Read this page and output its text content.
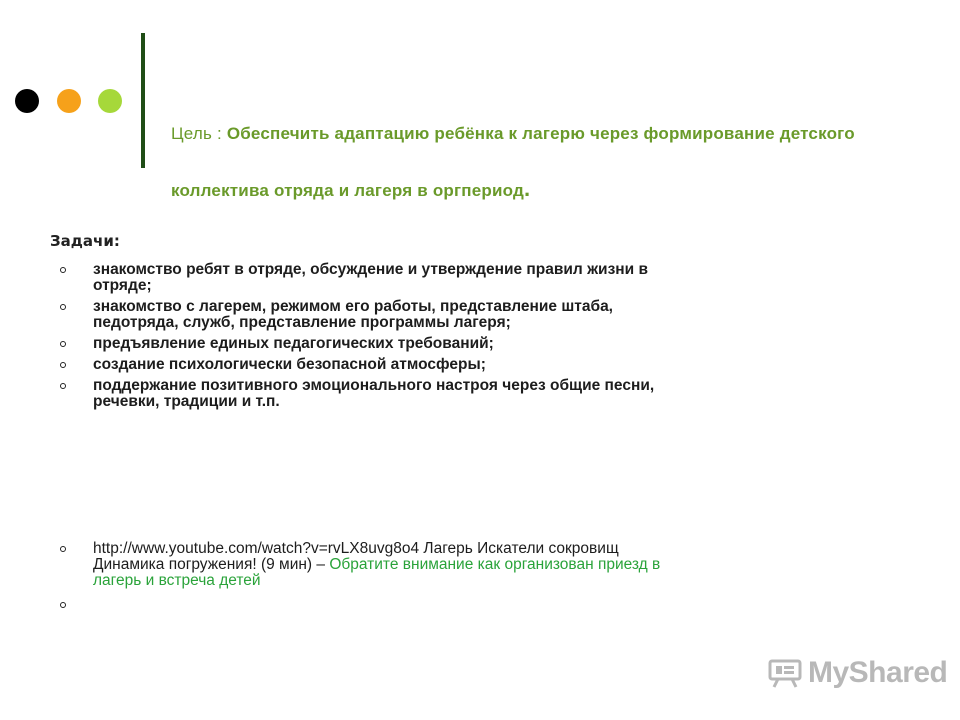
Цель : Обеспечить адаптацию ребёнка к лагерю через формирование детского коллектива отряда и лагеря в оргпериод.
Задачи:
знакомство ребят в отряде, обсуждение и утверждение правил жизни в отряде;
знакомство с лагерем, режимом его работы, представление штаба, педотряда, служб, представление программы лагеря;
предъявление единых педагогических требований;
создание психологически безопасной атмосферы;
поддержание позитивного эмоционального настроя через общие песни, речевки, традиции и т.п.
http://www.youtube.com/watch?v=rvLX8uvg8o4 Лагерь Искатели сокровищ Динамика погружения! (9 мин) – Обратите внимание как организован приезд в лагерь и встреча детей
MyShared
